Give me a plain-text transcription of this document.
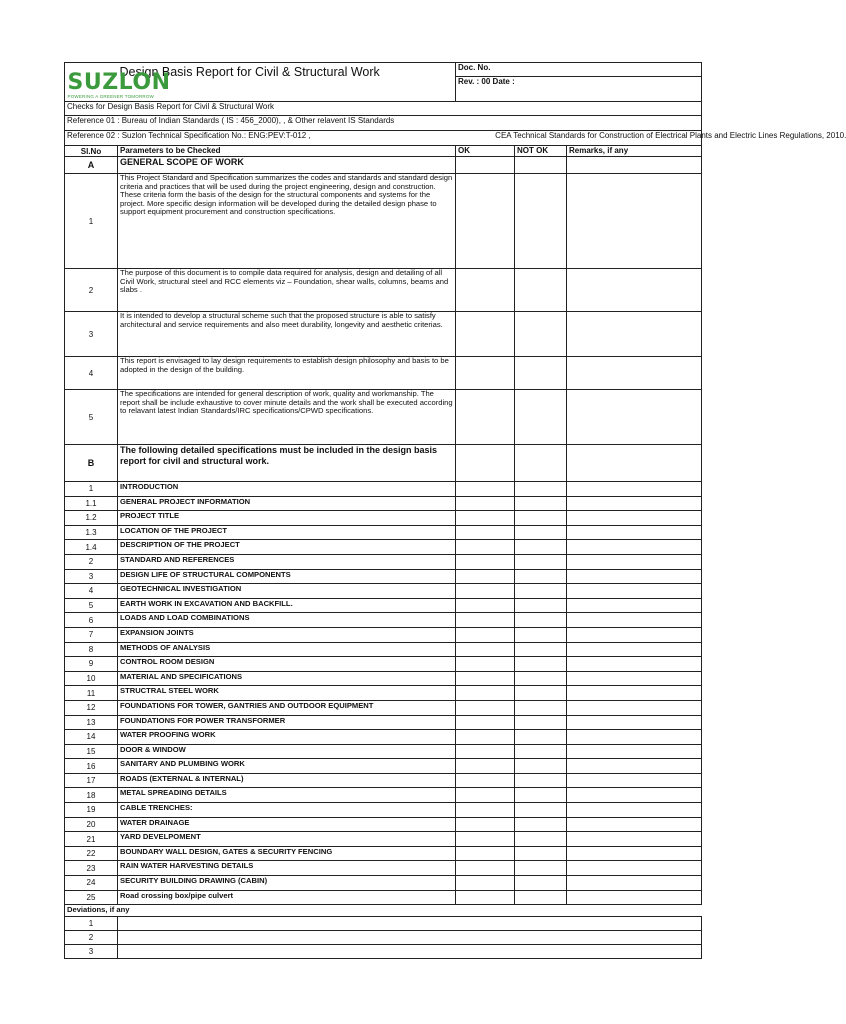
	SUZLON
POWERING A GREENER TOMORROW
Design Basis Report for Civil & Structural Work	Doc. No.		
		Rev. : 00 Date :		
Checks for Design Basis Report for Civil & Structural Work				
Reference 01 : Bureau of Indian Standards ( IS : 456_2000), , & Other relavent IS Standards				
Reference 02 : Suzlon Technical Specification No.: ENG:PEV:T-012 ,                                                                                   CEA Technical Standards for Construction of Electrical Plants and Electric Lines Regulations, 2010.				
Sl.No	Parameters to be Checked	OK	NOT OK	Remarks, if any
A	GENERAL SCOPE OF WORK			
1	This Project Standard and Specification summarizes the codes and standards and standard design criteria and practices that will be used during the project engineering, design and construction. These criteria form the basis of the design for the structural components and systems for the project. More specific design information will be developed during the detailed design phase to support equipment procurement and construction specifications.			
2	The purpose of this document is to compile data required for analysis, design and detailing of all Civil Work, structural steel and RCC elements viz – Foundation, shear walls, columns, beams and slabs .			
3	It is intended to develop a structural scheme such that the proposed structure is able to satisfy architectural and service requirements and also meet durability, longevity and aesthetic criterias.			
4	This report is envisaged to lay design requirements to establish design philosophy and basis to be adopted in the design of the building.			
5	The specifications are intended for general description of work, quality and workmanship. The report shall be include exhaustive to cover minute details and the work shall be executed according to relavant latest Indian Standards/IRC specifications/CPWD specifications.			
B	The following detailed specifications must be included in the design basis report for civil and structural work.			
1	INTRODUCTION			
1.1	GENERAL PROJECT INFORMATION			
1.2	PROJECT TITLE			
1.3	LOCATION OF THE PROJECT			
1.4	DESCRIPTION OF THE PROJECT			
2	STANDARD AND REFERENCES			
3	DESIGN LIFE OF STRUCTURAL COMPONENTS			
4	GEOTECHNICAL INVESTIGATION			
5	EARTH WORK IN EXCAVATION AND BACKFILL.			
6	LOADS AND LOAD COMBINATIONS			
7	EXPANSION JOINTS			
8	METHODS OF ANALYSIS			
9	CONTROL ROOM DESIGN			
10	MATERIAL AND SPECIFICATIONS			
11	STRUCTRAL STEEL WORK			
12	FOUNDATIONS FOR TOWER, GANTRIES AND OUTDOOR EQUIPMENT			
13	FOUNDATIONS FOR POWER TRANSFORMER			
14	WATER PROOFING WORK			
15	DOOR & WINDOW			
16	SANITARY AND PLUMBING WORK			
17	ROADS (EXTERNAL & INTERNAL)			
18	METAL SPREADING DETAILS			
19	CABLE TRENCHES:			
20	WATER DRAINAGE			
21	YARD DEVELPOMENT			
22	BOUNDARY WALL DESIGN, GATES & SECURITY FENCING			
23	RAIN WATER HARVESTING DETAILS			
24	SECURITY BUILDING DRAWING (CABIN)			
25	Road crossing box/pipe culvert			
Deviations, if any				
1				
2				
3				
